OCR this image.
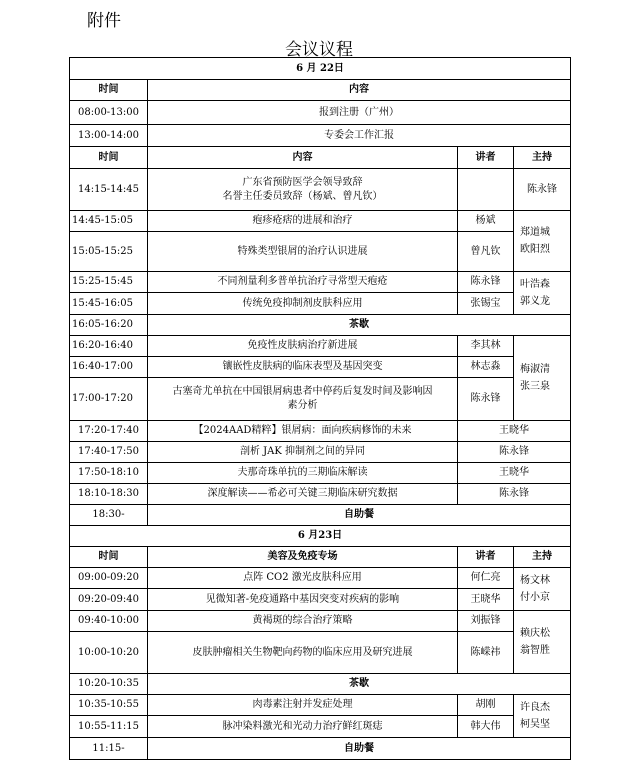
附件
会议议程
6 月 22日			
时间	内容		
08:00-13:00	报到注册（广州）		
13:00-14:00	专委会工作汇报		
时间	内容	讲者	主持
14:15-14:45	广东省预防医学会领导致辞
名誉主任委员致辞（杨斌、曾凡钦）		陈永锋
14:45-15:05	疱疹疮痞的进展和治疗	杨斌	郑道城
欧阳烈

15:05-15:25	特殊类型银屑的治疗认识进展	曾凡钦	
15:25-15:45	不同剂量利多普单抗治疗寻常型天疱疮	陈永锋	叶浩森
郭义龙

15:45-16:05	传统免疫抑制剂皮肤科应用	张锡宝	
16:05-16:20	茶歇		
16:20-16:40	免疫性皮肤病治疗新进展	李其林	梅淑清
张三泉

16:40-17:00	镶嵌性皮肤病的临床表型及基因突变	林志淼	
17:00-17:20	古塞奇尤单抗在中国银屑病患者中停药后复发时间及影响因
素分析	陈永锋	
17:20-17:40	【2024AAD精粹】银屑病：面向疾病修饰的未来	王晓华	
17:40-17:50	剖析 JAK 抑制剂之间的异同	陈永锋	
17:50-18:10	夫那奇珠单抗的三期临床解读	王晓华	
18:10-18:30	深度解读——希必可关键三期临床研究数据	陈永锋	
18:30-	自助餐		
6 月23日			
时间	美容及免疫专场	讲者	主持
09:00-09:20	点阵 CO2 激光皮肤科应用	何仁亮	杨文林
付小京

09:20-09:40	见微知著-免疫通路中基因突变对疾病的影响	王晓华	
09:40-10:00	黄褐斑的综合治疗策略	刘振锋	赖庆松
翁智胜

10:00-10:20	皮肤肿瘤相关生物靶向药物的临床应用及研究进展	陈嵘祎	
10:20-10:35	茶歇		
10:35-10:55	肉毒素注射并发症处理	胡刚	许良杰
柯吴坚

10:55-11:15	脉冲染料激光和光动力治疗鲜红斑痣	韩大伟	
11:15-	自助餐		
